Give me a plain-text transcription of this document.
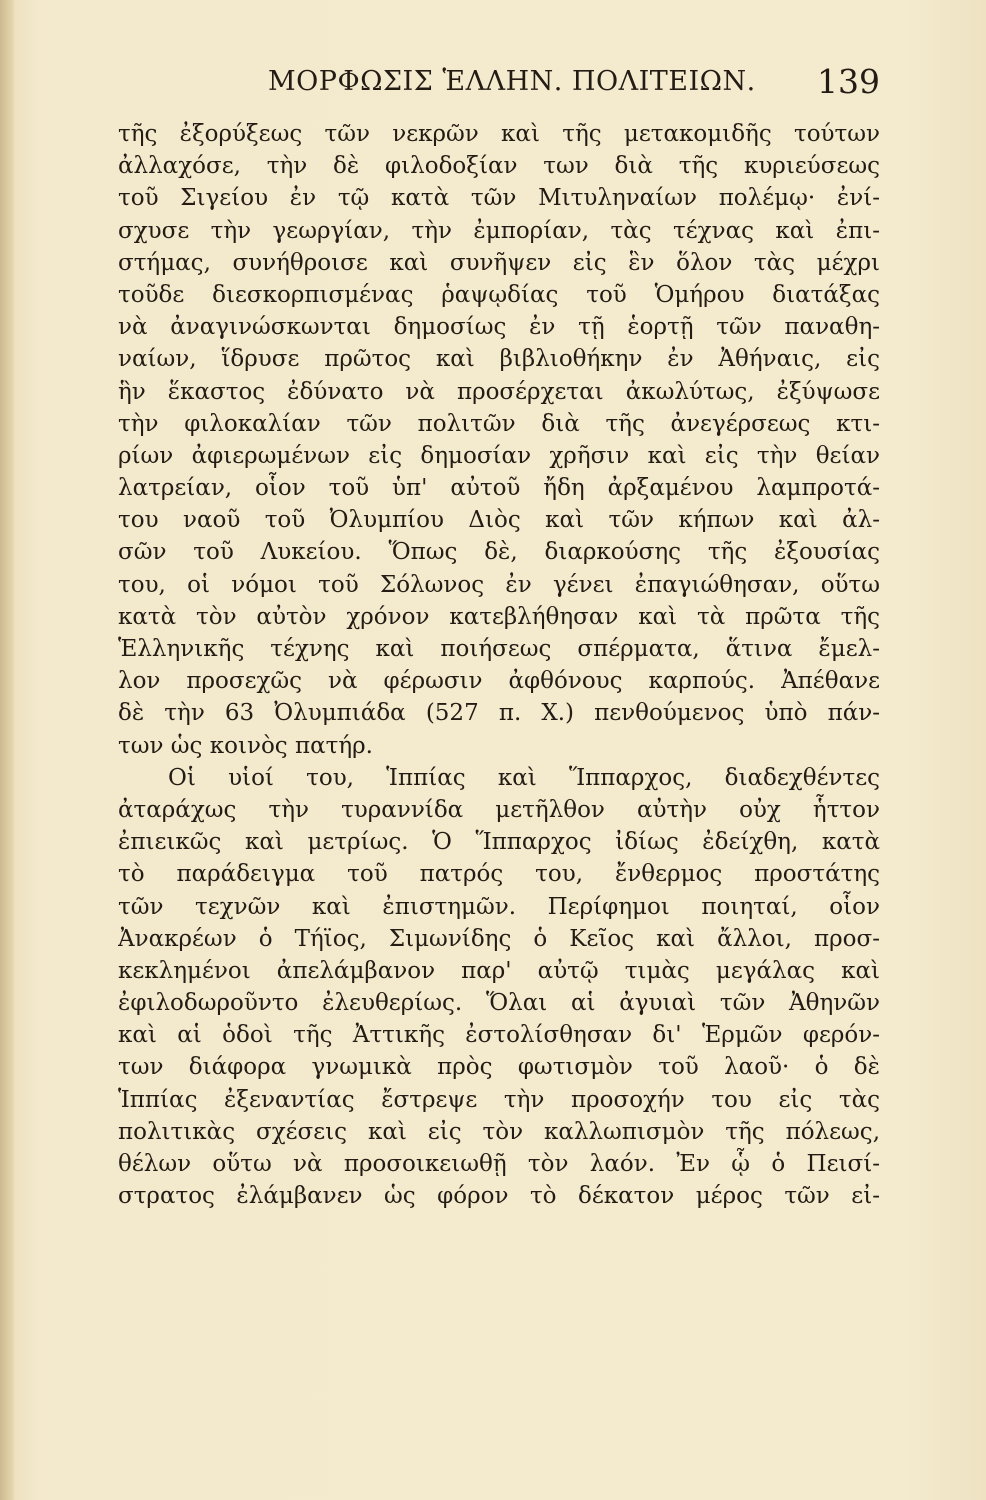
ΜΟΡΦΩΣΙΣ ἙΛΛΗΝ. ΠΟΛΙΤΕΙΩΝ. 139
τῆς ἐξορύξεως τῶν νεκρῶν καὶ τῆς μετακομιδῆς τούτων
ἀλλαχόσε, τὴν δὲ φιλοδοξίαν των διὰ τῆς κυριεύσεως
τοῦ Σιγείου ἐν τῷ κατὰ τῶν Μιτυληναίων πολέμῳ· ἐνί-
σχυσε τὴν γεωργίαν, τὴν ἐμπορίαν, τὰς τέχνας καὶ ἐπι-
στήμας, συνήθροισε καὶ συνῆψεν εἰς ἓν ὅλον τὰς μέχρι
τοῦδε διεσκορπισμένας ῥαψῳδίας τοῦ Ὁμήρου διατάξας
νὰ ἀναγινώσκωνται δημοσίως ἐν τῇ ἑορτῇ τῶν παναθη-
ναίων, ἵδρυσε πρῶτος καὶ βιβλιοθήκην ἐν Ἀθήναις, εἰς
ἣν ἕκαστος ἐδύνατο νὰ προσέρχεται ἀκωλύτως, ἐξύψωσε
τὴν φιλοκαλίαν τῶν πολιτῶν διὰ τῆς ἀνεγέρσεως κτι-
ρίων ἀφιερωμένων εἰς δημοσίαν χρῆσιν καὶ εἰς τὴν θείαν
λατρείαν, οἷον τοῦ ὑπ' αὐτοῦ ἤδη ἀρξαμένου λαμπροτά-
του ναοῦ τοῦ Ὀλυμπίου Διὸς καὶ τῶν κήπων καὶ ἀλ-
σῶν τοῦ Λυκείου. Ὅπως δὲ, διαρκούσης τῆς ἐξουσίας
του, οἱ νόμοι τοῦ Σόλωνος ἐν γένει ἐπαγιώθησαν, οὕτω
κατὰ τὸν αὐτὸν χρόνον κατεβλήθησαν καὶ τὰ πρῶτα τῆς
Ἑλληνικῆς τέχνης καὶ ποιήσεως σπέρματα, ἅτινα ἔμελ-
λον προσεχῶς νὰ φέρωσιν ἀφθόνους καρπούς. Ἀπέθανε
δὲ τὴν 63 Ὀλυμπιάδα (527 π. Χ.) πενθούμενος ὑπὸ πάν-
των ὡς κοινὸς πατήρ.
Οἱ υἱοί του, Ἱππίας καὶ Ἵππαρχος, διαδεχθέντες
ἀταράχως τὴν τυραννίδα μετῆλθον αὐτὴν οὐχ ἧττον
ἐπιεικῶς καὶ μετρίως. Ὁ Ἵππαρχος ἰδίως ἐδείχθη, κατὰ
τὸ παράδειγμα τοῦ πατρός του, ἔνθερμος προστάτης
τῶν τεχνῶν καὶ ἐπιστημῶν. Περίφημοι ποιηταί, οἷον
Ἀνακρέων ὁ Τήϊος, Σιμωνίδης ὁ Κεῖος καὶ ἄλλοι, προσ-
κεκλημένοι ἀπελάμβανον παρ' αὐτῷ τιμὰς μεγάλας καὶ
ἐφιλοδωροῦντο ἐλευθερίως. Ὅλαι αἱ ἀγυιαὶ τῶν Ἀθηνῶν
καὶ αἱ ὁδοὶ τῆς Ἀττικῆς ἐστολίσθησαν δι' Ἑρμῶν φερόν-
των διάφορα γνωμικὰ πρὸς φωτισμὸν τοῦ λαοῦ· ὁ δὲ
Ἱππίας ἐξεναντίας ἔστρεψε τὴν προσοχήν του εἰς τὰς
πολιτικὰς σχέσεις καὶ εἰς τὸν καλλωπισμὸν τῆς πόλεως,
θέλων οὕτω νὰ προσοικειωθῇ τὸν λαόν. Ἐν ᾧ ὁ Πεισί-
στρατος ἐλάμβανεν ὡς φόρον τὸ δέκατον μέρος τῶν εἰ-
